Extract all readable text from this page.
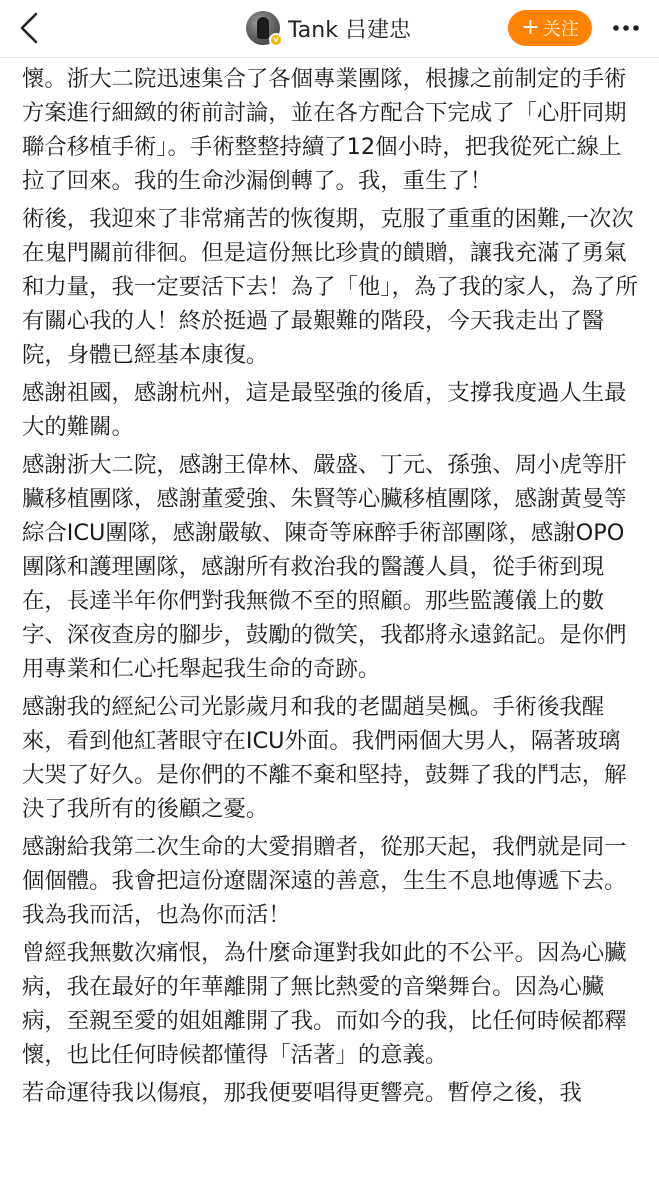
v Tank 吕建忠	+ 关注

懷。浙大二院迅速集合了各個專業團隊，根據之前制定的手術方案進行細緻的術前討論，並在各方配合下完成了「心肝同期聯合移植手術」。手術整整持續了12個小時，把我從死亡線上拉了回來。我的生命沙漏倒轉了。我，重生了！

術後，我迎來了非常痛苦的恢復期，克服了重重的困難,一次次在鬼門關前徘徊。但是這份無比珍貴的饋贈，讓我充滿了勇氣和力量，我一定要活下去！為了「他」，為了我的家人，為了所有關心我的人！終於挺過了最艱難的階段，今天我走出了醫院，身體已經基本康復。

感謝祖國，感謝杭州，這是最堅強的後盾，支撐我度過人生最大的難關。

感謝浙大二院，感謝王偉林、嚴盛、丁元、孫強、周小虎等肝臟移植團隊，感謝董愛強、朱賢等心臟移植團隊，感謝黃曼等綜合ICU團隊，感謝嚴敏、陳奇等麻醉手術部團隊，感謝OPO團隊和護理團隊，感謝所有救治我的醫護人員，從手術到現在，長達半年你們對我無微不至的照顧。那些監護儀上的數字、深夜查房的腳步，鼓勵的微笑，我都將永遠銘記。是你們用專業和仁心托舉起我生命的奇跡。

感謝我的經紀公司光影歲月和我的老闆趙昊楓。手術後我醒來，看到他紅著眼守在ICU外面。我們兩個大男人，隔著玻璃大哭了好久。是你們的不離不棄和堅持，鼓舞了我的鬥志，解決了我所有的後顧之憂。

感謝給我第二次生命的大愛捐贈者，從那天起，我們就是同一個個體。我會把這份遼闊深遠的善意，生生不息地傳遞下去。我為我而活，也為你而活！

曾經我無數次痛恨，為什麼命運對我如此的不公平。因為心臟病，我在最好的年華離開了無比熱愛的音樂舞台。因為心臟病，至親至愛的姐姐離開了我。而如今的我，比任何時候都釋懷，也比任何時候都懂得「活著」的意義。

若命運待我以傷痕，那我便要唱得更響亮。暫停之後，我
